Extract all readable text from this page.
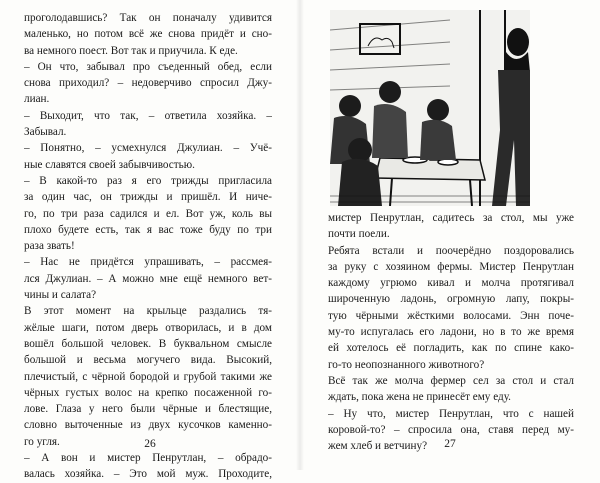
проголодавшись? Так он поначалу удивится
маленько, но потом всё же снова придёт и сно-
ва немного поест. Вот так и приучила. К еде.
– Он что, забывал про съеденный обед, если
снова приходил? – недоверчиво спросил Джу-
лиан.
– Выходит, что так, – ответила хозяйка. –
Забывал.
– Понятно, – усмехнулся Джулиан. – Учё-
ные славятся своей забывчивостью.
– В какой-то раз я его трижды пригласила
за один час, он трижды и пришёл. И ниче-
го, по три раза садился и ел. Вот уж, коль вы
плохо будете есть, так я вас тоже буду по три
раза звать!
– Нас не придётся упрашивать, – рассмея-
лся Джулиан. – А можно мне ещё немного вет-
чины и салата?
В этот момент на крыльце раздались тя-
жёлые шаги, потом дверь отворилась, и в дом
вошёл большой человек. В буквальном смысле
большой и весьма могучего вида. Высокий,
плечистый, с чёрной бородой и грубой такими же
чёрных густых волос на крепко посаженной го-
лове. Глаза у него были чёрные и блестящие,
словно выточенные из двух кусочков каменно-
го угля.
– А вон и мистер Пенрутлан, – обрадо-
валась хозяйка. – Это мой муж. Проходите,
26
мистер Пенрутлан, садитесь за стол, мы уже
почти поели.
Ребята встали и поочерёдно поздоровались
за руку с хозяином фермы. Мистер Пенрутлан
каждому угрюмо кивал и молча протягивал
широченную ладонь, огромную лапу, покры-
тую чёрными жёсткими волосами. Энн поче-
му-то испугалась его ладони, но в то же время
ей хотелось её погладить, как по спине како-
го-то неопознанного животного?
Всё так же молча фермер сел за стол и стал
ждать, пока жена не принесёт ему еду.
– Ну что, мистер Пенрутлан, что с нашей
коровой-то? – спросила она, ставя перед му-
жем хлеб и ветчину?	27
